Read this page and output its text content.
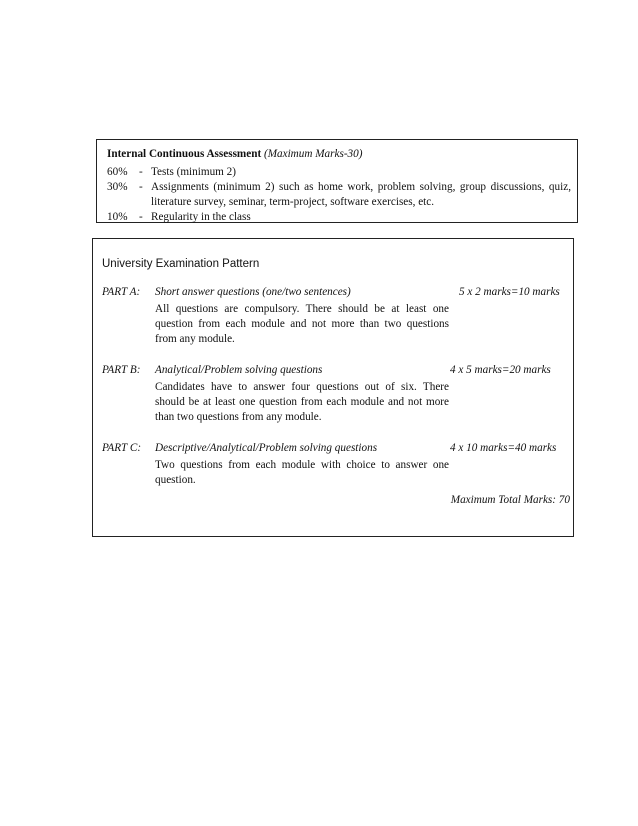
Internal Continuous Assessment (Maximum Marks-30)
60%	- Tests (minimum 2)
30%	- Assignments (minimum 2) such as home work, problem solving, group discussions, quiz, literature survey, seminar, term-project, software exercises, etc.
10%	- Regularity in the class
University Examination Pattern
PART A: Short answer questions (one/two sentences)	5 x 2 marks=10 marks
All questions are compulsory. There should be at least one question from each module and not more than two questions from any module.
PART B: Analytical/Problem solving questions	4 x 5 marks=20 marks
Candidates have to answer four questions out of six. There should be at least one question from each module and not more than two questions from any module.
PART C: Descriptive/Analytical/Problem solving questions	4 x 10 marks=40 marks
Two questions from each module with choice to answer one question.
Maximum Total Marks: 70
